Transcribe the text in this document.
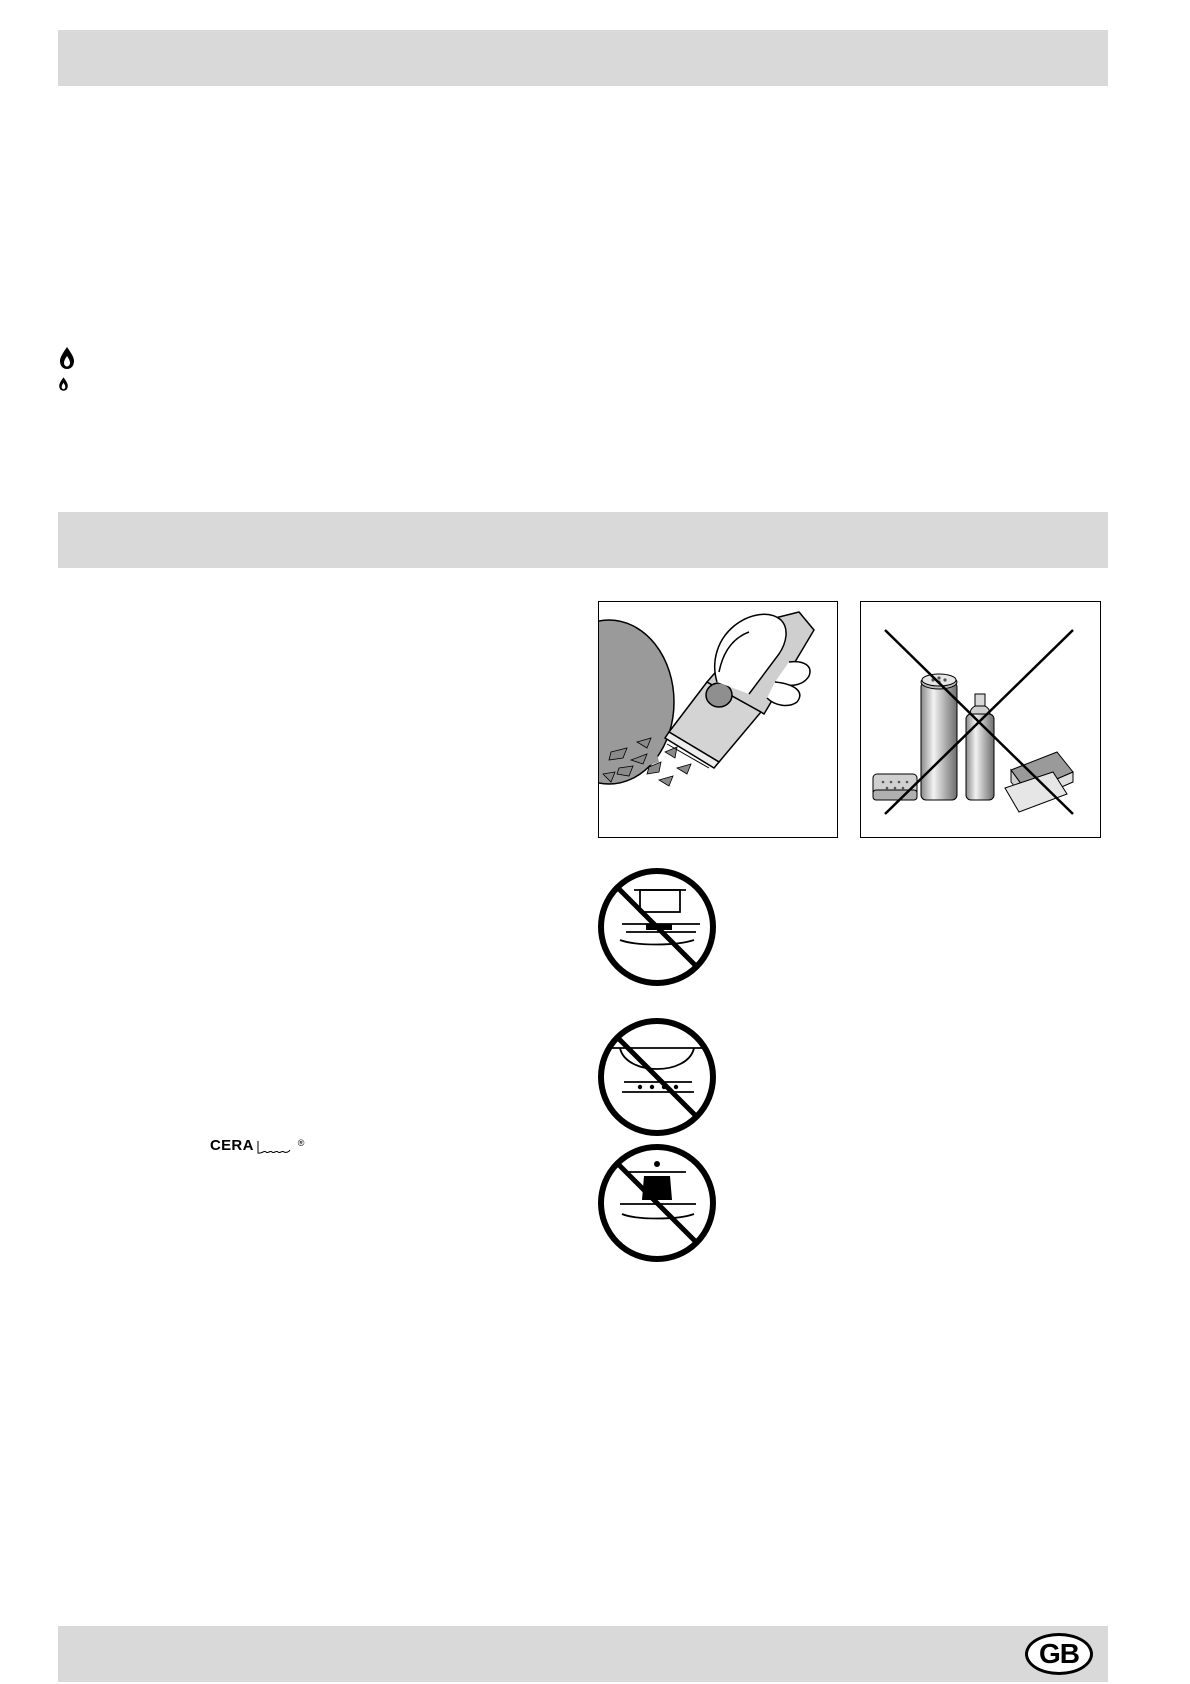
CERA	®
GB
